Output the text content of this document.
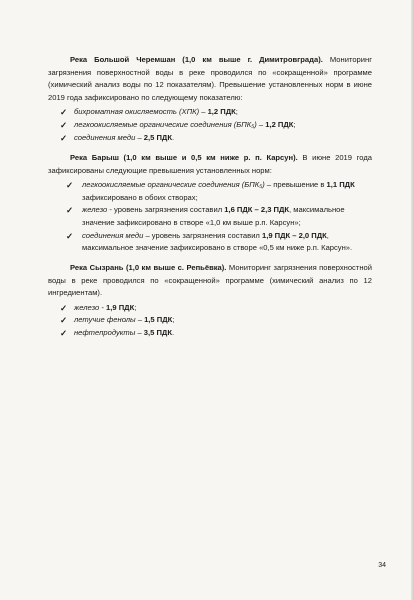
Река Большой Черемшан (1,0 км выше г. Димитровграда). Мониторинг загрязнения поверхностной воды в реке проводился по «сокращенной» программе (химический анализ воды по 12 показателям). Превышение установленных норм в июне 2019 года зафиксировано по следующему показателю:
✓ бихроматная окисляемость (ХПК) – 1,2 ПДК;
✓ легкоокисляемые органические соединения (БПК₅) – 1,2 ПДК;
✓ соединения меди – 2,5 ПДК.
Река Барыш (1,0 км выше и 0,5 км ниже р. п. Карсун). В июне 2019 года зафиксированы следующие превышения установленных норм:
✓ легкоокисляемые органические соединения (БПК₅) – превышение в 1,1 ПДК зафиксировано в обоих створах;
✓ железо - уровень загрязнения составил 1,6 ПДК – 2,3 ПДК, максимальное значение зафиксировано в створе «1,0 км выше р.п. Карсун»;
✓ соединения меди – уровень загрязнения составил 1,9 ПДК – 2,0 ПДК, максимальное значение зафиксировано в створе «0,5 км ниже р.п. Карсун».
Река Сызрань (1,0 км выше с. Репьёвка). Мониторинг загрязнения поверхностной воды в реке проводился по «сокращенной» программе (химический анализ по 12 ингредиентам).
✓ железо - 1,9 ПДК;
✓ летучие фенолы – 1,5 ПДК;
✓ нефтепродукты – 3,5 ПДК.
34
